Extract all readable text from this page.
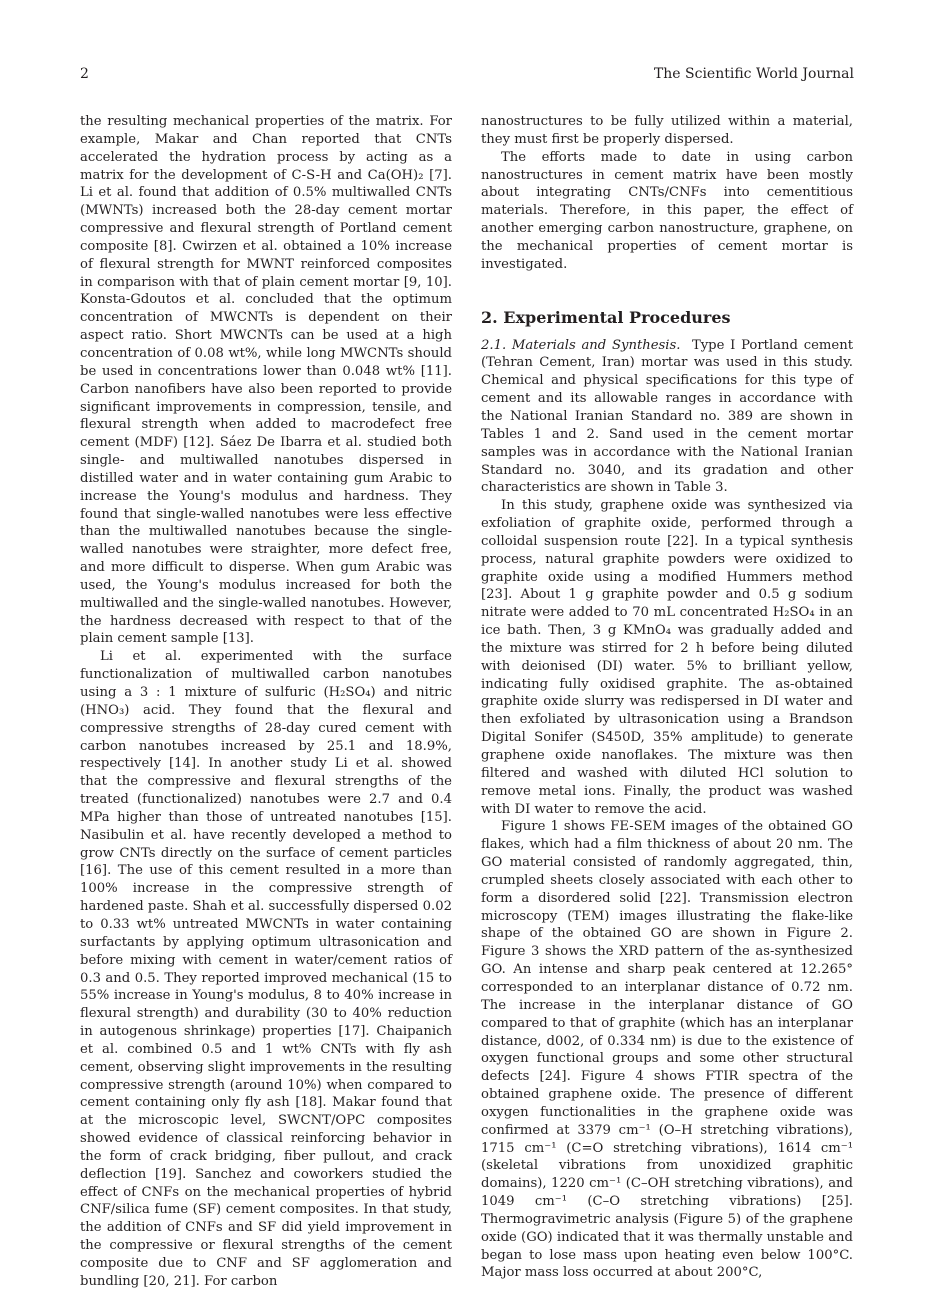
2	The Scientific World Journal

the resulting mechanical properties of the matrix. For example, Makar and Chan reported that CNTs accelerated the hydration process by acting as a matrix for the development of C-S-H and Ca(OH)₂ [7]. Li et al. found that addition of 0.5% multiwalled CNTs (MWNTs) increased both the 28-day cement mortar compressive and flexural strength of Portland cement composite [8]. Cwirzen et al. obtained a 10% increase of flexural strength for MWNT reinforced composites in comparison with that of plain cement mortar [9, 10]. Konsta-Gdoutos et al. concluded that the optimum concentration of MWCNTs is dependent on their aspect ratio. Short MWCNTs can be used at a high concentration of 0.08 wt%, while long MWCNTs should be used in concentrations lower than 0.048 wt% [11]. Carbon nanofibers have also been reported to provide significant improvements in compression, tensile, and flexural strength when added to macrodefect free cement (MDF) [12]. Sáez De Ibarra et al. studied both single- and multiwalled nanotubes dispersed in distilled water and in water containing gum Arabic to increase the Young's modulus and hardness. They found that single-walled nanotubes were less effective than the multiwalled nanotubes because the single-walled nanotubes were straighter, more defect free, and more difficult to disperse. When gum Arabic was used, the Young's modulus increased for both the multiwalled and the single-walled nanotubes. However, the hardness decreased with respect to that of the plain cement sample [13].

Li et al. experimented with the surface functionalization of multiwalled carbon nanotubes using a 3 : 1 mixture of sulfuric (H₂SO₄) and nitric (HNO₃) acid. They found that the flexural and compressive strengths of 28-day cured cement with carbon nanotubes increased by 25.1 and 18.9%, respectively [14]. In another study Li et al. showed that the compressive and flexural strengths of the treated (functionalized) nanotubes were 2.7 and 0.4 MPa higher than those of untreated nanotubes [15]. Nasibulin et al. have recently developed a method to grow CNTs directly on the surface of cement particles [16]. The use of this cement resulted in a more than 100% increase in the compressive strength of hardened paste. Shah et al. successfully dispersed 0.02 to 0.33 wt% untreated MWCNTs in water containing surfactants by applying optimum ultrasonication and before mixing with cement in water/cement ratios of 0.3 and 0.5. They reported improved mechanical (15 to 55% increase in Young's modulus, 8 to 40% increase in flexural strength) and durability (30 to 40% reduction in autogenous shrinkage) properties [17]. Chaipanich et al. combined 0.5 and 1 wt% CNTs with fly ash cement, observing slight improvements in the resulting compressive strength (around 10%) when compared to cement containing only fly ash [18]. Makar found that at the microscopic level, SWCNT/OPC composites showed evidence of classical reinforcing behavior in the form of crack bridging, fiber pullout, and crack deflection [19]. Sanchez and coworkers studied the effect of CNFs on the mechanical properties of hybrid CNF/silica fume (SF) cement composites. In that study, the addition of CNFs and SF did yield improvement in the compressive or flexural strengths of the cement composite due to CNF and SF agglomeration and bundling [20, 21]. For carbon

nanostructures to be fully utilized within a material, they must first be properly dispersed.

The efforts made to date in using carbon nanostructures in cement matrix have been mostly about integrating CNTs/CNFs into cementitious materials. Therefore, in this paper, the effect of another emerging carbon nanostructure, graphene, on the mechanical properties of cement mortar is investigated.

2. Experimental Procedures

2.1. Materials and Synthesis. Type I Portland cement (Tehran Cement, Iran) mortar was used in this study. Chemical and physical specifications for this type of cement and its allowable ranges in accordance with the National Iranian Standard no. 389 are shown in Tables 1 and 2. Sand used in the cement mortar samples was in accordance with the National Iranian Standard no. 3040, and its gradation and other characteristics are shown in Table 3.

In this study, graphene oxide was synthesized via exfoliation of graphite oxide, performed through a colloidal suspension route [22]. In a typical synthesis process, natural graphite powders were oxidized to graphite oxide using a modified Hummers method [23]. About 1 g graphite powder and 0.5 g sodium nitrate were added to 70 mL concentrated H₂SO₄ in an ice bath. Then, 3 g KMnO₄ was gradually added and the mixture was stirred for 2 h before being diluted with deionised (DI) water. 5% to brilliant yellow, indicating fully oxidised graphite. The as-obtained graphite oxide slurry was redispersed in DI water and then exfoliated by ultrasonication using a Brandson Digital Sonifer (S450D, 35% amplitude) to generate graphene oxide nanoflakes. The mixture was then filtered and washed with diluted HCl solution to remove metal ions. Finally, the product was washed with DI water to remove the acid.

Figure 1 shows FE-SEM images of the obtained GO flakes, which had a film thickness of about 20 nm. The GO material consisted of randomly aggregated, thin, crumpled sheets closely associated with each other to form a disordered solid [22]. Transmission electron microscopy (TEM) images illustrating the flake-like shape of the obtained GO are shown in Figure 2. Figure 3 shows the XRD pattern of the as-synthesized GO. An intense and sharp peak centered at 12.265° corresponded to an interplanar distance of 0.72 nm. The increase in the interplanar distance of GO compared to that of graphite (which has an interplanar distance, d002, of 0.334 nm) is due to the existence of oxygen functional groups and some other structural defects [24]. Figure 4 shows FTIR spectra of the obtained graphene oxide. The presence of different oxygen functionalities in the graphene oxide was confirmed at 3379 cm⁻¹ (O–H stretching vibrations), 1715 cm⁻¹ (C=O stretching vibrations), 1614 cm⁻¹ (skeletal vibrations from unoxidized graphitic domains), 1220 cm⁻¹ (C–OH stretching vibrations), and 1049 cm⁻¹ (C–O stretching vibrations) [25]. Thermogravimetric analysis (Figure 5) of the graphene oxide (GO) indicated that it was thermally unstable and began to lose mass upon heating even below 100°C. Major mass loss occurred at about 200°C,
